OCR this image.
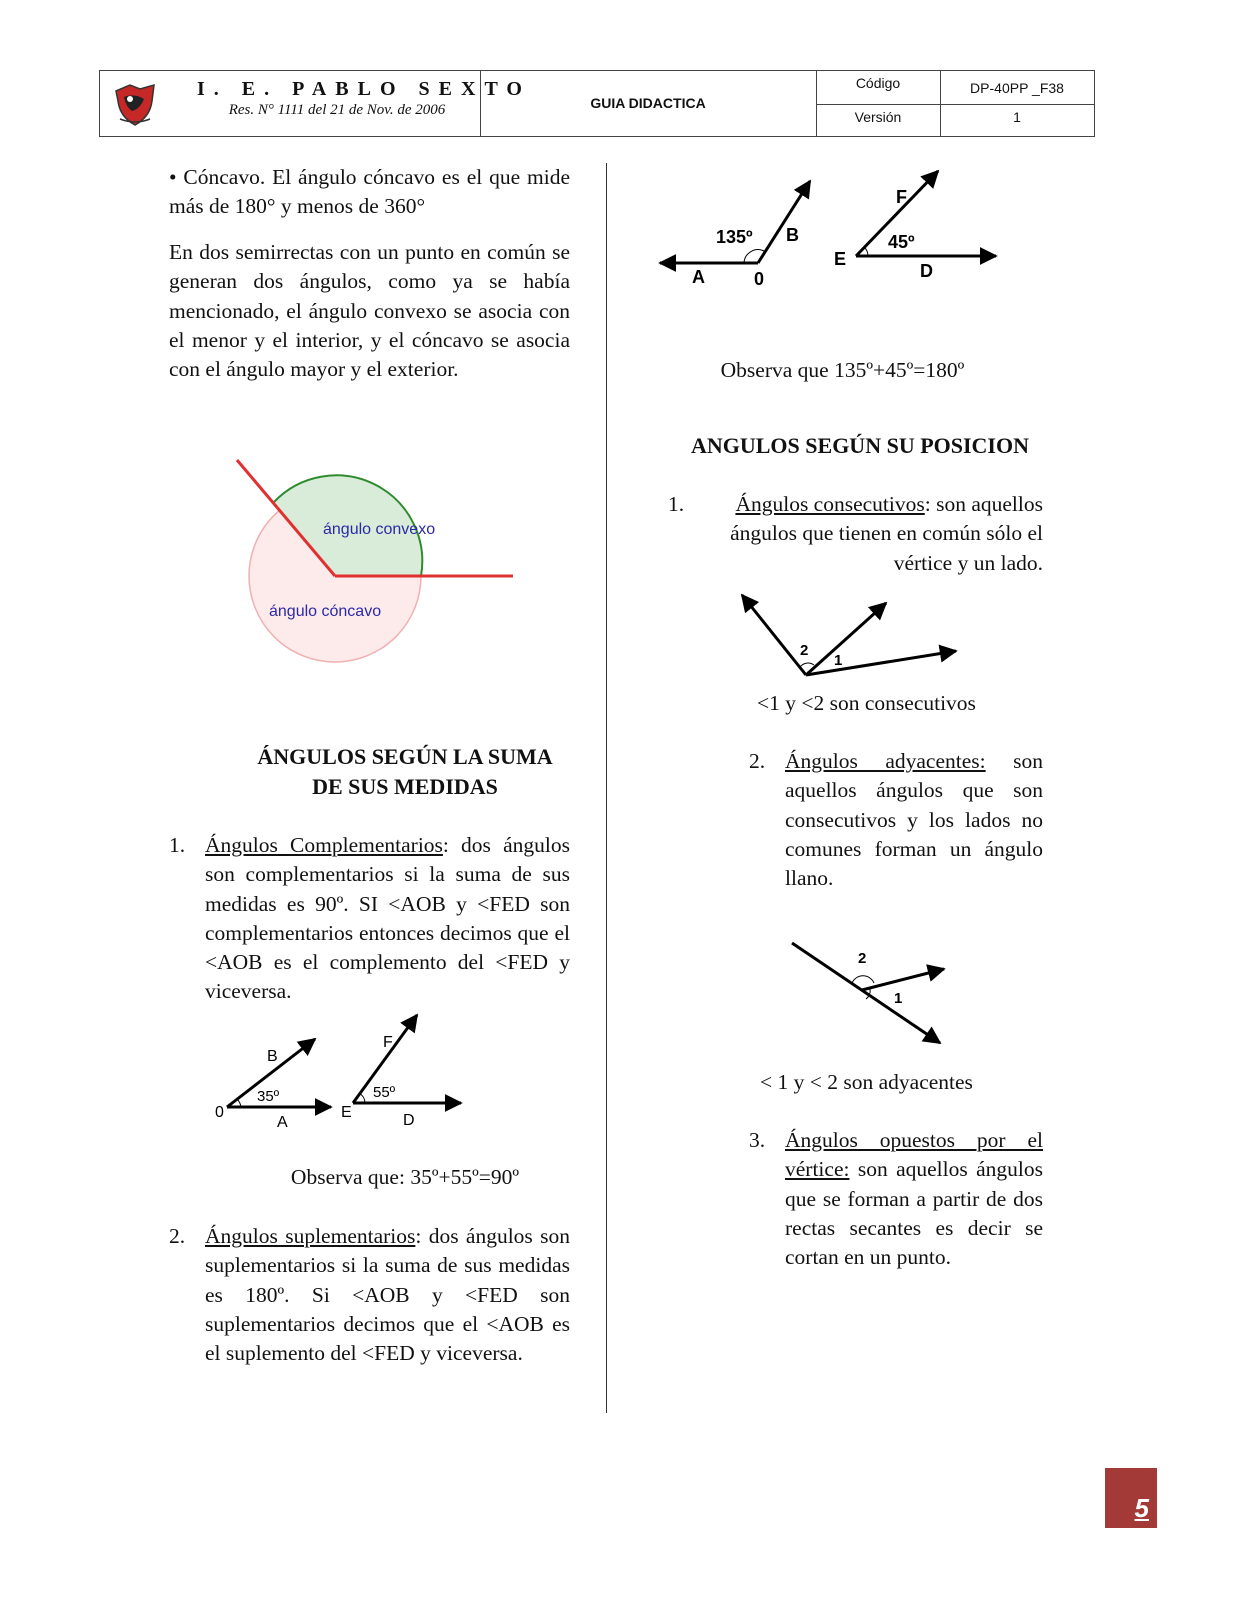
I. E. PABLO SEXTO
Res. N° 1111 del 21 de Nov. de 2006	GUIA DIDACTICA
Código	DP-40PP _F38
Versión	1

• Cóncavo. El ángulo cóncavo es el que mide más de 180° y menos de 360°

En dos semirrectas con un punto en común se generan dos ángulos, como ya se había mencionado, el ángulo convexo se asocia con el menor y el interior, y el cóncavo se asocia con el ángulo mayor y el exterior.

ángulo convexo
ángulo cóncavo
ÁNGULOS SEGÚN LA SUMA
DE SUS MEDIDAS
1. Ángulos Complementarios: dos ángulos son complementarios si la suma de sus medidas es 90º. SI <AOB y <FED son complementarios entonces decimos que el <AOB es el complemento del <FED y viceversa.

B
0
A
35º
F
E	D
55º
Observa que: 35º+55º=90º
2. Ángulos suplementarios: dos ángulos son suplementarios si la suma de sus medidas es 180º. Si <AOB y <FED son suplementarios decimos que el <AOB es el suplemento del <FED y viceversa.

135º B
A	0
F
E
45º
D
Observa que 135º+45º=180º
ANGULOS SEGÚN SU POSICION
1.	Ángulos consecutivos: son aquellos ángulos que tienen en común sólo el vértice y un lado.

2
1
<1 y <2 son consecutivos
2. Ángulos adyacentes: son aquellos ángulos que son consecutivos y los lados no comunes forman un ángulo llano.

2
1
< 1 y < 2 son adyacentes
3. Ángulos opuestos por el vértice: son aquellos ángulos que se forman a partir de dos rectas secantes es decir se cortan en un punto.

5
